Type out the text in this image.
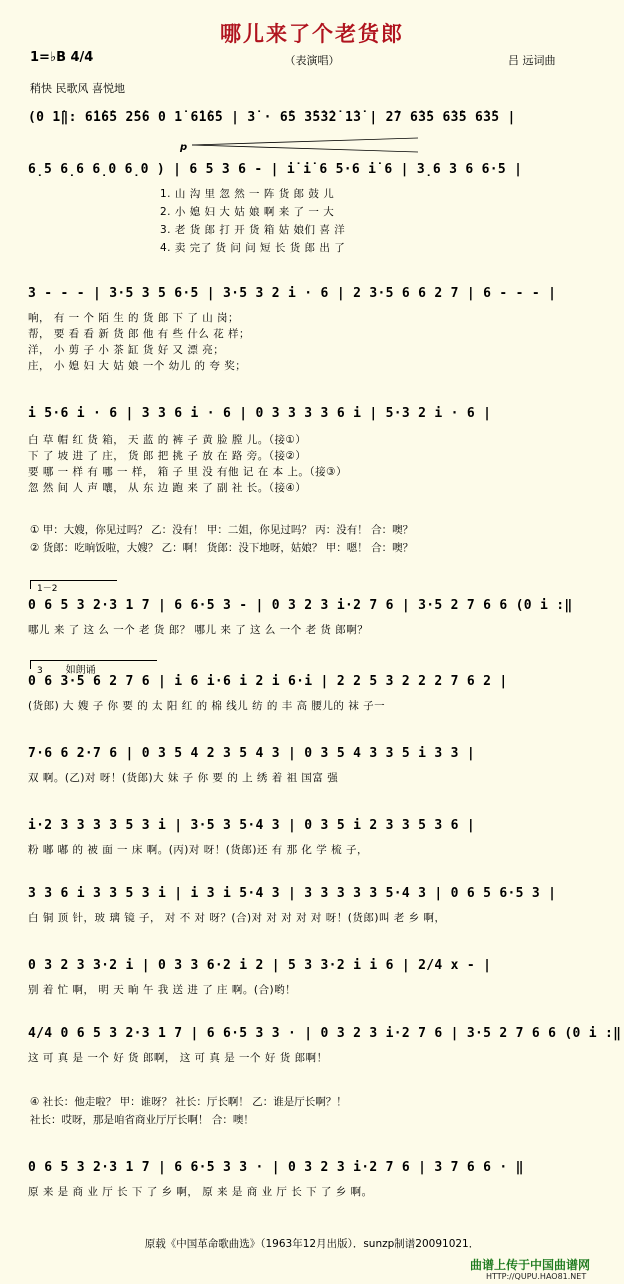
哪儿来了个老货郎
1=♭B 4/4	（表演唱）	吕 远词曲
稍快 民歌风 喜悦地
p
(0 1̇‖: 6̇1̇6̇5 2̇5̇6 0 1̇ 6̇1̇6̇5 | 3̇ · 6̇5 3̇5̇3̇2̇ 1̇3̇ | 2̇7 6̇3̇5 6̇3̇5 6̇3̇5 |
6̣5 6̣6 6̣0 6̣0 ) | 6 5 3 6 - | i̇ i̇ 6 5·6 i̇ 6 | 3̣6 3 6 6·5 |
1. 山 沟 里 忽 然 一 阵 货 郎 鼓 儿
2. 小 媳 妇 大 姑 娘 啊 来 了 一 大
3. 老 货 郎 打 开 货 箱 姑 娘们 喜 洋
4. 卖 完了 货 问 问 短 长 货 郎 出 了
3 - - - | 3·5 3 5 6·5 | 3·5 3 2 i · 6 | 2 3·5 6 6 2 7 | 6 - - - |
响， 有 一 个 陌 生 的 货 郎 下 了 山 岗；
帮， 要 看 看 新 货 郎 他 有 些 什么 花 样；
洋， 小 剪 子 小 茶 缸 货 好 又 漂 亮；
庄， 小 媳 妇 大 姑 娘 一个 幼儿 的 夸 奖；
i 5·6 i · 6 | 3 3 6 i · 6 | 0 3 3 3 3 6 i | 5·3 2 i · 6 |
白 草 帽 红 货 箱， 天 蓝 的 裤 子 黄 脸 膛 儿。（接①）
下 了 坡 进 了 庄， 货 郎 把 挑 子 放 在 路 旁。（接②）
要 哪 一 样 有 哪 一 样， 箱 子 里 没 有他 记 在 本 上。（接③）
忽 然 间 人 声 嚷， 从 东 边 跑 来 了 副 社 长。（接④）
① 甲：大嫂，你见过吗？ 乙：没有！ 甲：二姐，你见过吗？ 丙：没有！ 合：噢？
② 货郎：吃晌饭啦，大嫂？ 乙：啊！ 货郎：没下地呀，姑娘？ 甲：嗯！ 合：噢？
1－2
0 6 5 3 2·3 1 7 | 6 6·5 3 - | 0 3 2 3 i·2 7 6 | 3·5 2 7 6 6 (0 i :‖
哪儿 来 了 这 么 一个 老 货 郎？ 哪儿 来 了 这 么 一个 老 货 郎啊？
3 如朗诵
0 6 3·5 6 2 7 6 | i 6 i·6 i 2 i 6·i | 2 2 5 3 2 2 2 7 6 2 |
(货郎) 大 嫂 子 你 要 的 太 阳 红 的 棉 线儿 纺 的 丰 高 腰儿的 袜 子一
7·6 6 2·7 6 | 0 3 5 4 2 3 5 4 3 | 0 3 5 4 3 3 5 i 3 3 |
双 啊。(乙)对 呀！(货郎)大 妹 子 你 要 的 上 绣 着 祖 国富 强
i·2 3 3 3 3 5 3 i | 3·5 3 5·4 3 | 0 3 5 i 2 3 3 5 3 6 |
粉 嘟 嘟 的 被 面 一 床 啊。(丙)对 呀！(货郎)还 有 那 化 学 梳 子，
3 3 6 i 3 3 5 3 i | i 3 i 5·4 3 | 3 3 3 3 3 5·4 3 | 0 6 5 6·5 3 |
白 铜 顶 针，玻 璃 镜 子， 对 不 对 呀？(合)对 对 对 对 对 呀！(货郎)叫 老 乡 啊，
0 3 2 3 3·2 i | 0 3 3 6·2 i 2 | 5 3 3·2 i i 6 | 2/4 x - |
别 着 忙 啊， 明 天 晌 午 我 送 进 了 庄 啊。(合)哟！
4/4 0 6 5 3 2·3 1 7 | 6 6·5 3 3 · | 0 3 2 3 i·2 7 6 | 3·5 2 7 6 6 (0 i :‖
这 可 真 是 一个 好 货 郎啊， 这 可 真 是 一个 好 货 郎啊！
④ 社长：他走啦？ 甲：谁呀？ 社长：厅长啊！ 乙：谁是厅长啊？！
社长：哎呀，那是咱省商业厅厅长啊！ 合：噢！
0 6 5 3 2·3 1 7 | 6 6·5 3 3 · | 0 3 2 3 i·2 7 6 | 3 7 6 6 · ‖
原 来 是 商 业 厅 长 下 了 乡 啊， 原 来 是 商 业 厅 长 下 了 乡 啊。
原载《中国革命歌曲选》（1963年12月出版）．sunzp制谱20091021．
曲谱上传于中国曲谱网
HTTP://QUPU.HAO81.NET
